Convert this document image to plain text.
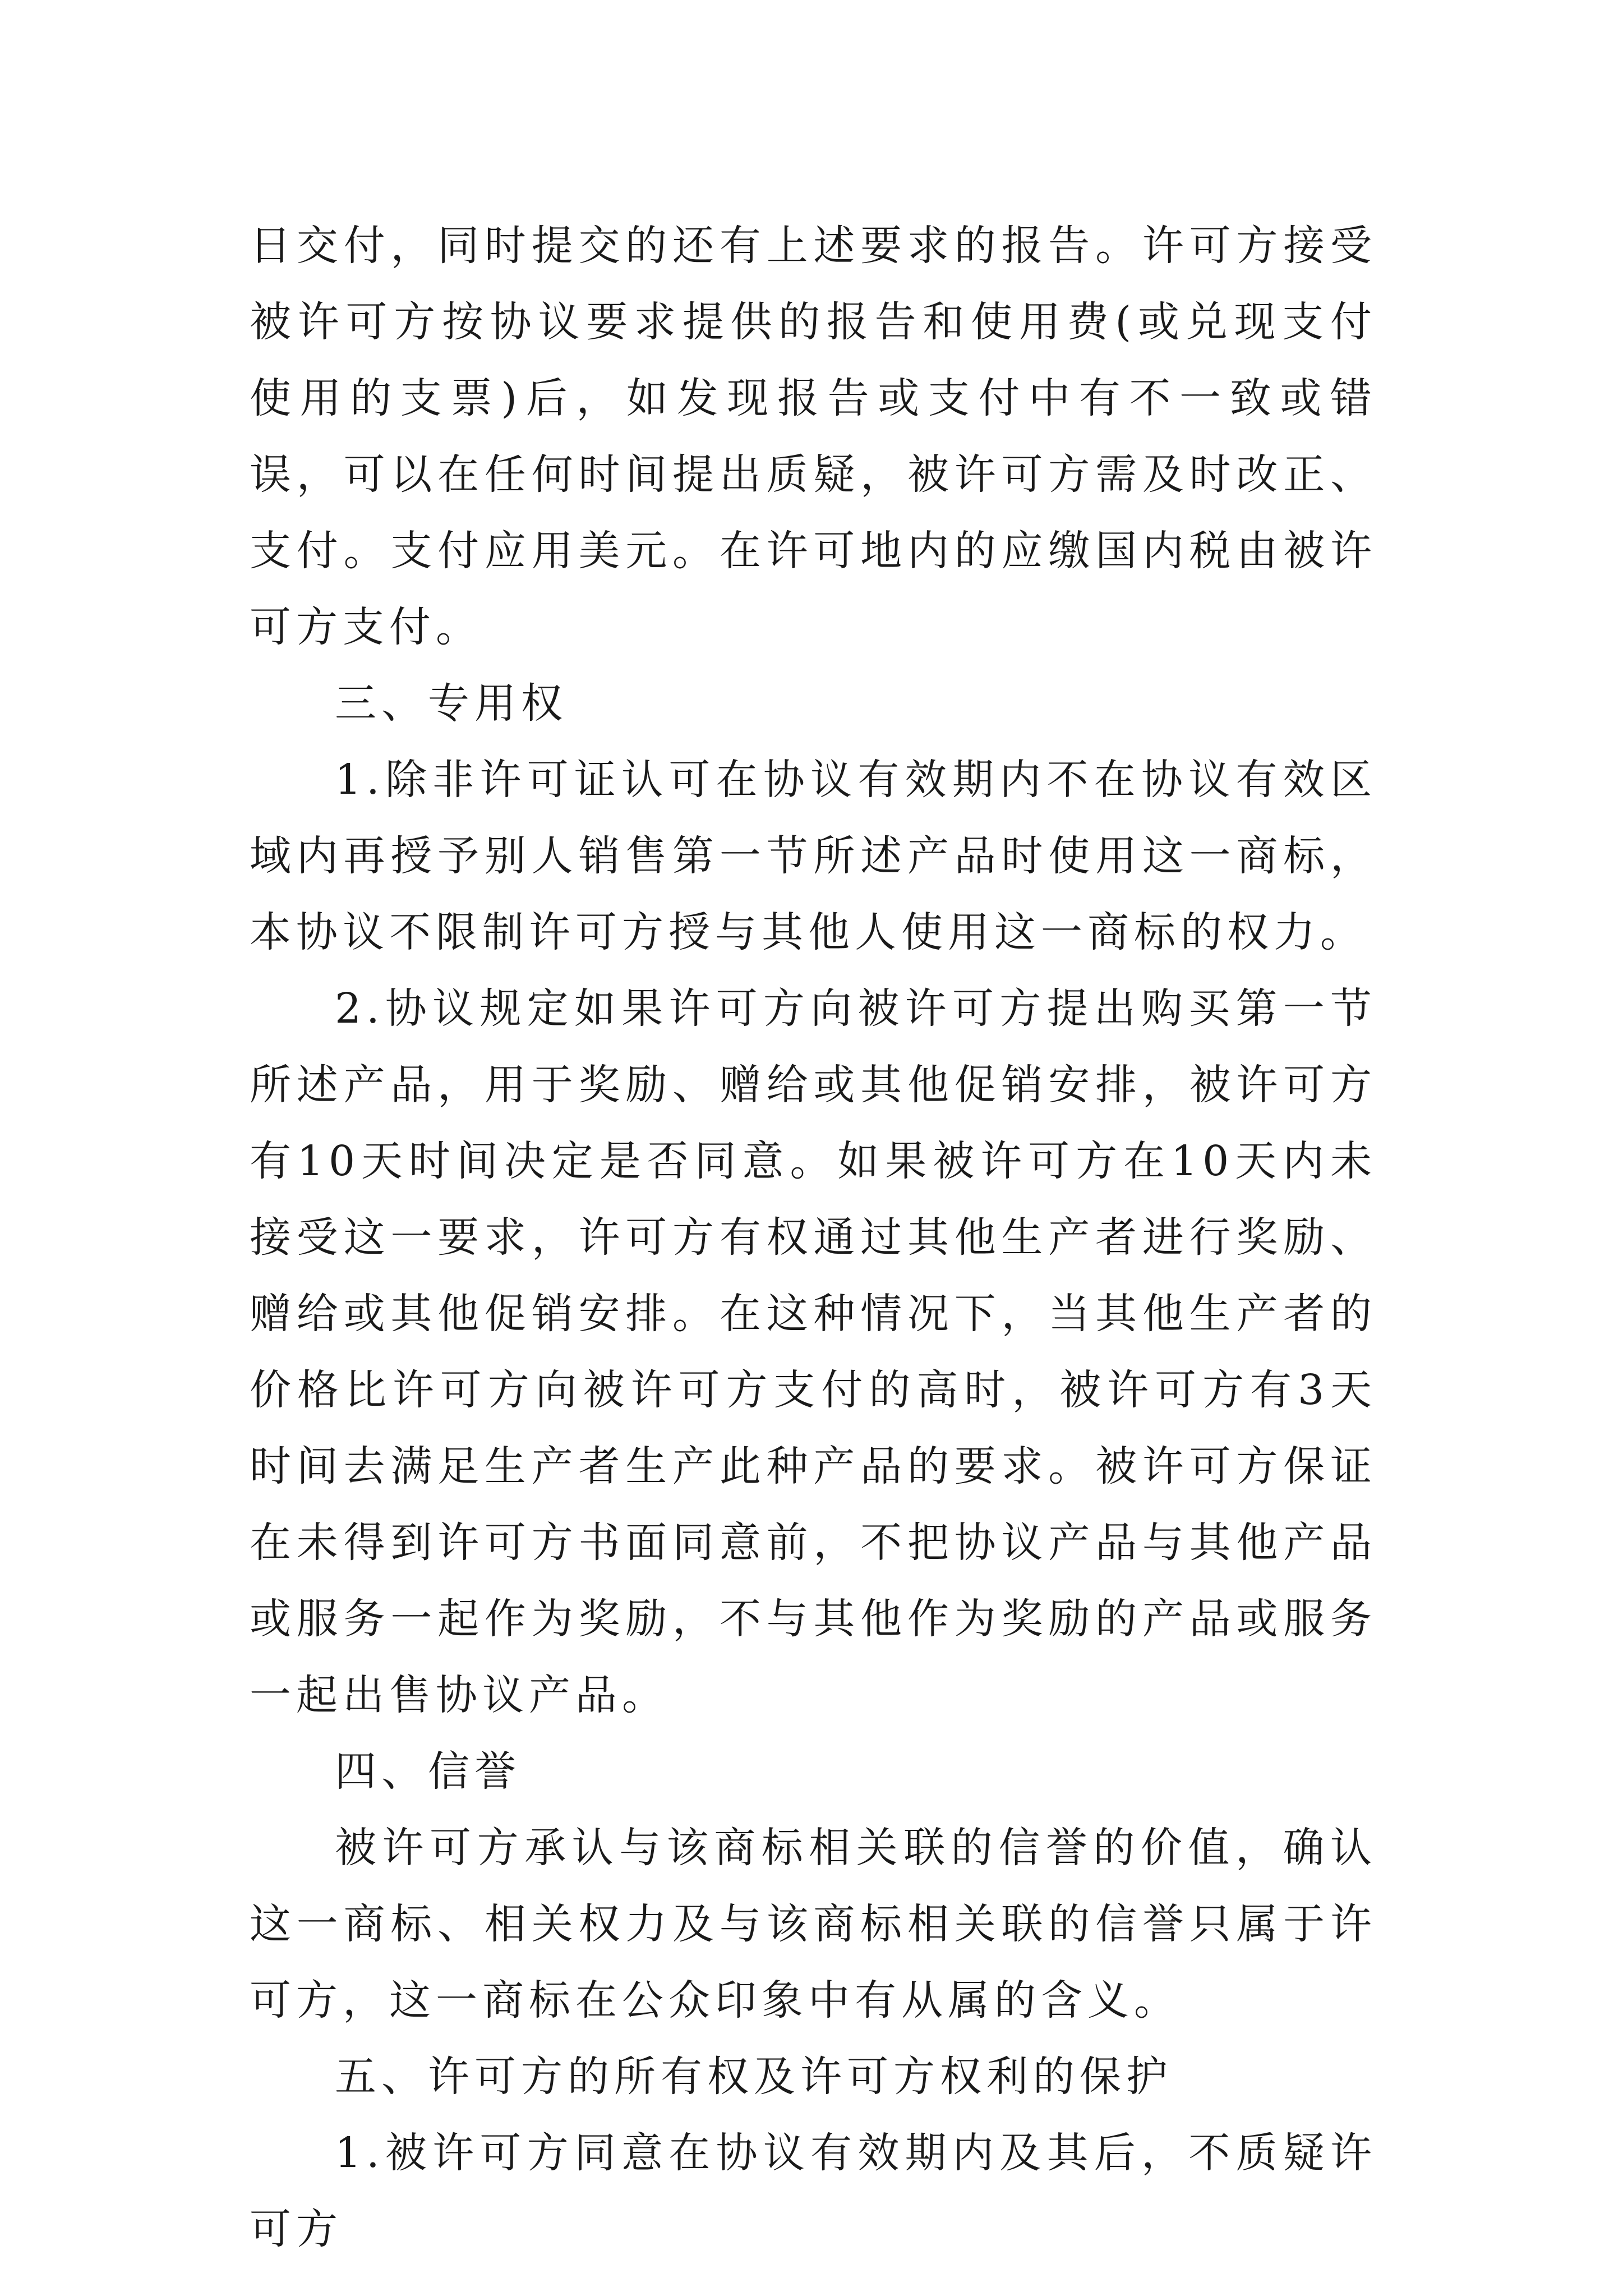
日交付，同时提交的还有上述要求的报告。许可方接受被许可方按协议要求提供的报告和使用费(或兑现支付使用的支票)后，如发现报告或支付中有不一致或错误，可以在任何时间提出质疑，被许可方需及时改正、支付。支付应用美元。在许可地内的应缴国内税由被许可方支付。

三、专用权

1.除非许可证认可在协议有效期内不在协议有效区域内再授予别人销售第一节所述产品时使用这一商标，本协议不限制许可方授与其他人使用这一商标的权力。

2.协议规定如果许可方向被许可方提出购买第一节所述产品，用于奖励、赠给或其他促销安排，被许可方有10天时间决定是否同意。如果被许可方在10天内未接受这一要求，许可方有权通过其他生产者进行奖励、赠给或其他促销安排。在这种情况下，当其他生产者的价格比许可方向被许可方支付的高时，被许可方有3天时间去满足生产者生产此种产品的要求。被许可方保证在未得到许可方书面同意前，不把协议产品与其他产品或服务一起作为奖励，不与其他作为奖励的产品或服务一起出售协议产品。

四、信誉

被许可方承认与该商标相关联的信誉的价值，确认这一商标、相关权力及与该商标相关联的信誉只属于许可方，这一商标在公众印象中有从属的含义。

五、许可方的所有权及许可方权利的保护

1.被许可方同意在协议有效期内及其后，不质疑许可方
